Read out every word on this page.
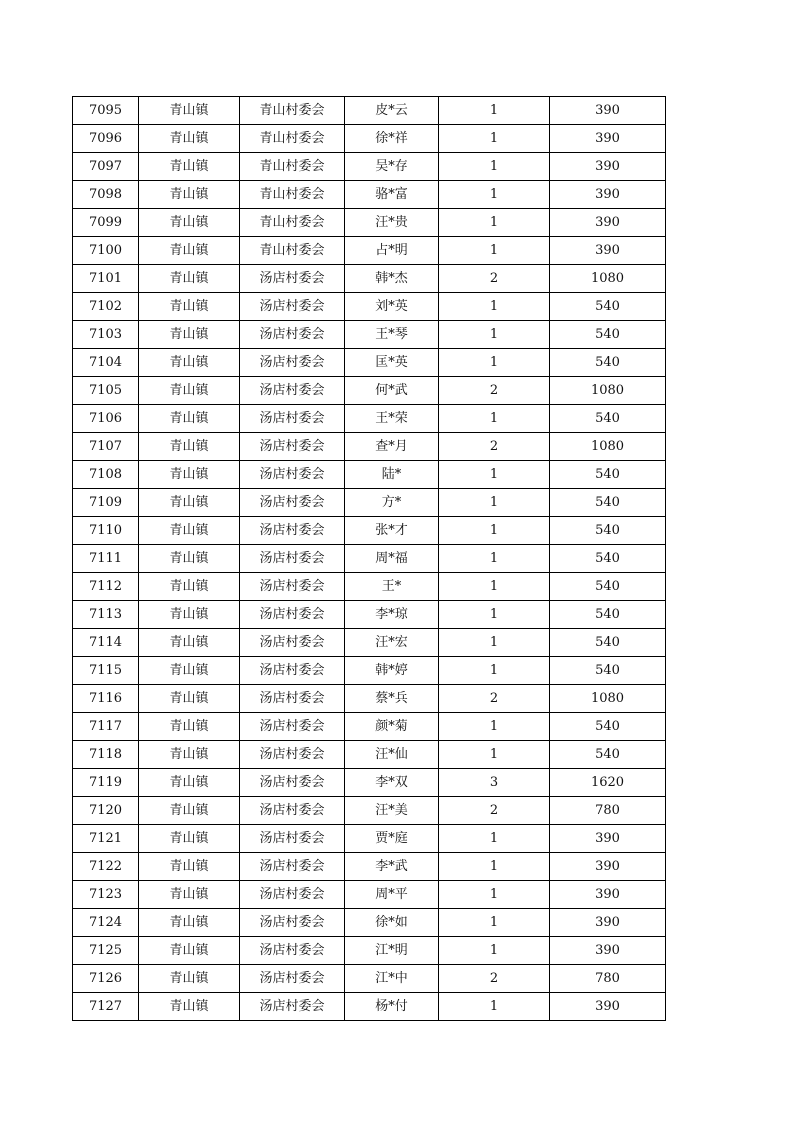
7095	青山镇	青山村委会	皮*云	1	390
7096	青山镇	青山村委会	徐*祥	1	390
7097	青山镇	青山村委会	吴*存	1	390
7098	青山镇	青山村委会	骆*富	1	390
7099	青山镇	青山村委会	汪*贵	1	390
7100	青山镇	青山村委会	占*明	1	390
7101	青山镇	汤店村委会	韩*杰	2	1080
7102	青山镇	汤店村委会	刘*英	1	540
7103	青山镇	汤店村委会	王*琴	1	540
7104	青山镇	汤店村委会	匡*英	1	540
7105	青山镇	汤店村委会	何*武	2	1080
7106	青山镇	汤店村委会	王*荣	1	540
7107	青山镇	汤店村委会	查*月	2	1080
7108	青山镇	汤店村委会	陆*	1	540
7109	青山镇	汤店村委会	方*	1	540
7110	青山镇	汤店村委会	张*才	1	540
7111	青山镇	汤店村委会	周*福	1	540
7112	青山镇	汤店村委会	王*	1	540
7113	青山镇	汤店村委会	李*琼	1	540
7114	青山镇	汤店村委会	汪*宏	1	540
7115	青山镇	汤店村委会	韩*婷	1	540
7116	青山镇	汤店村委会	蔡*兵	2	1080
7117	青山镇	汤店村委会	颜*菊	1	540
7118	青山镇	汤店村委会	汪*仙	1	540
7119	青山镇	汤店村委会	李*双	3	1620
7120	青山镇	汤店村委会	汪*美	2	780
7121	青山镇	汤店村委会	贾*庭	1	390
7122	青山镇	汤店村委会	李*武	1	390
7123	青山镇	汤店村委会	周*平	1	390
7124	青山镇	汤店村委会	徐*如	1	390
7125	青山镇	汤店村委会	江*明	1	390
7126	青山镇	汤店村委会	江*中	2	780
7127	青山镇	汤店村委会	杨*付	1	390
